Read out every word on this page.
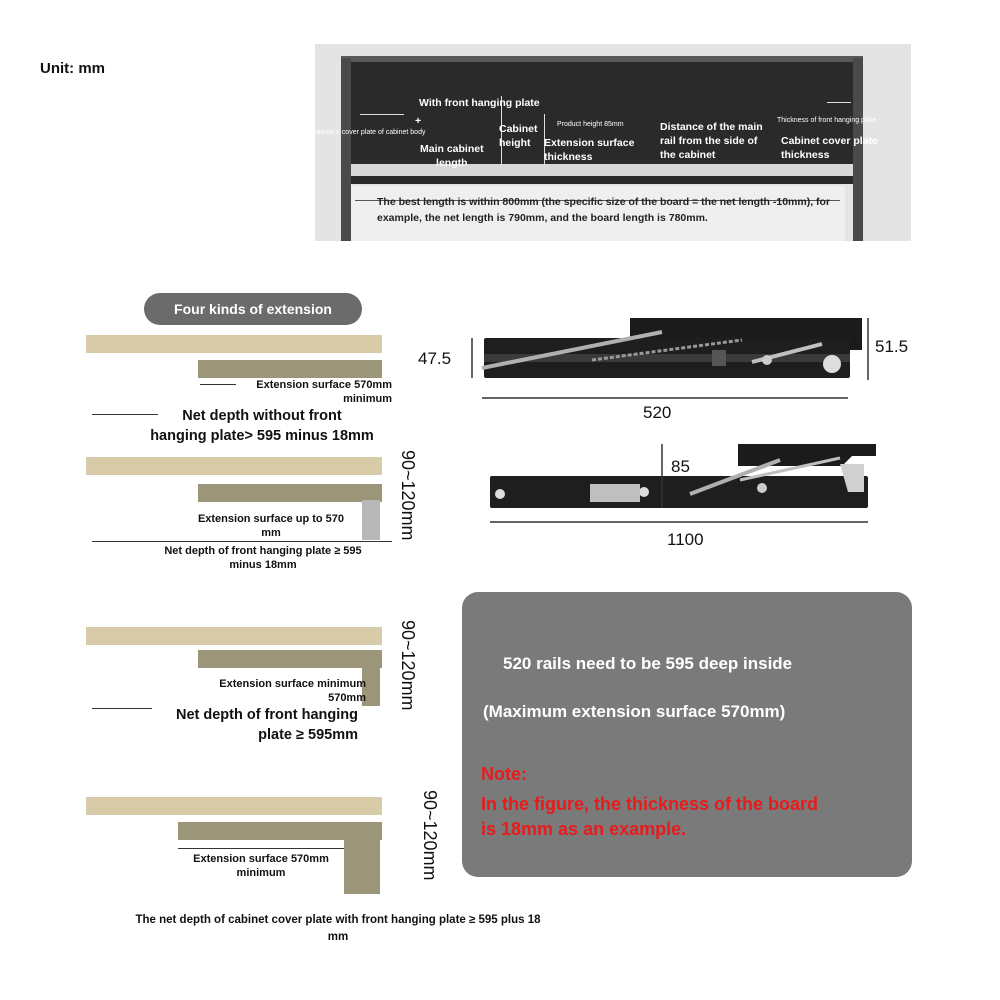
Unit: mm
With front hanging plate
+
abinet ≥ cover plate of cabinet body
Main cabinet
length
Cabinet
height
Product height 85mm
Extension surface
thickness
Distance of the main
rail from the side of
the cabinet
Thickness of front hanging plate
Cabinet cover plate
thickness
The best length is within 800mm (the specific size of the board = the net length -10mm), for example, the net length is 790mm, and the board length is 780mm.
Four kinds of extension
Extension surface 570mm
minimum
Net depth without front
hanging plate> 595 minus 18mm
Extension surface up to 570
mm
Net depth of front hanging plate ≥ 595
minus 18mm
90~120mm
Extension surface minimum
570mm
Net depth of front hanging
plate ≥ 595mm
90~120mm
Extension surface 570mm
minimum	90~120mm
The net depth of cabinet cover plate with front hanging plate ≥ 595 plus 18
mm
47.5
51.5
520
85
1100
520 rails need to be 595 deep inside
(Maximum extension surface 570mm)
Note:
In the figure, the thickness of the board
is 18mm as an example.
